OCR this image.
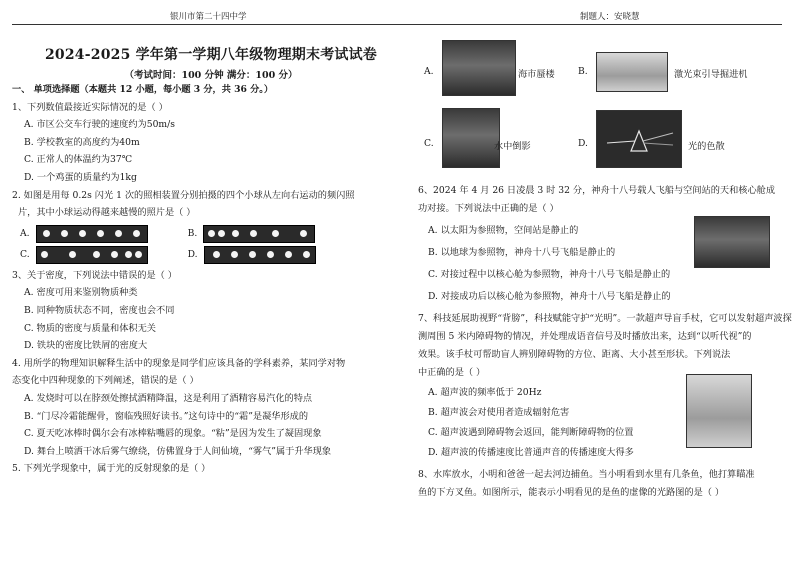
银川市第二十四中学	制题人：安晓慧
2024-2025 学年第一学期八年级物理期末考试试卷
（考试时间：100 分钟 满分：100 分）
一、 单项选择题（本题共 12 小题，每小题 3 分，共 36 分。）
1、下列数值最接近实际情况的是（ ）
A. 市区公交车行驶的速度约为50m/s
B. 学校教室的高度约为40m
C. 正常人的体温约为37℃
D. 一个鸡蛋的质量约为1kg
2. 如图是用每 0.2s 闪光 1 次的照相装置分别拍摄的四个小球从左向右运动的频闪照
片，其中小球运动得越来越慢的照片是（ ）
A.	B.
C.	D.
3、关于密度，下列说法中错误的是（ ）
A. 密度可用来鉴别物质种类
B. 同种物质状态不同，密度也会不同
C. 物质的密度与质量和体积无关
D. 铁块的密度比铁屑的密度大
4. 用所学的物理知识解释生活中的现象是同学们应该具备的学科素养，某同学对物
态变化中四种现象的下列阐述，错误的是（ ）
A. 发烧时可以在脖颈处擦拭酒精降温，这是利用了酒精容易汽化的特点
B. “门尽冷霜能醒骨，窗临残照好读书。”这句诗中的“霜”是凝华形成的
C. 夏天吃冰棒时偶尔会有冰棒粘嘴唇的现象。“粘”是因为发生了凝固现象
D. 舞台上喷洒干冰后雾气缭绕，仿佛置身于人间仙境，“雾气”属于升华现象
5. 下列光学现象中，属于光的反射现象的是（ ）
A.	海市蜃楼	B.	激光束引导掘进机
C.	水中倒影	D.	光的色散
6、2024 年 4 月 26 日凌晨 3 时 32 分，神舟十八号载人飞船与空间站的天和核心舱成
功对接。下列说法中正确的是（ ）
A. 以太阳为参照物，空间站是静止的
B. 以地球为参照物，神舟十八号飞船是静止的
C. 对接过程中以核心舱为参照物，神舟十八号飞船是静止的
D. 对接成功后以核心舱为参照物，神舟十八号飞船是静止的
7、科技延展助视野“背膀”，科技赋能守护“光明”。一款超声导盲手杖，它可以发射超声波探
测周围 5 米内障碍物的情况，并处理成语音信号及时播放出来，达到“以听代视”的
效果。该手杖可帮助盲人辨别障碍物的方位、距离、大小甚至形状。下列说法
中正确的是（ ）
A. 超声波的频率低于 20Hz
B. 超声波会对使用者造成辐射危害
C. 超声波遇到障碍物会返回，能判断障碍物的位置
D. 超声波的传播速度比普通声音的传播速度大得多
8、水库放水，小明和爸爸一起去河边捕鱼。当小明看到水里有几条鱼，他打算瞄准
鱼的下方叉鱼。如图所示，能表示小明看见的是鱼的虚像的光路图的是（ ）
